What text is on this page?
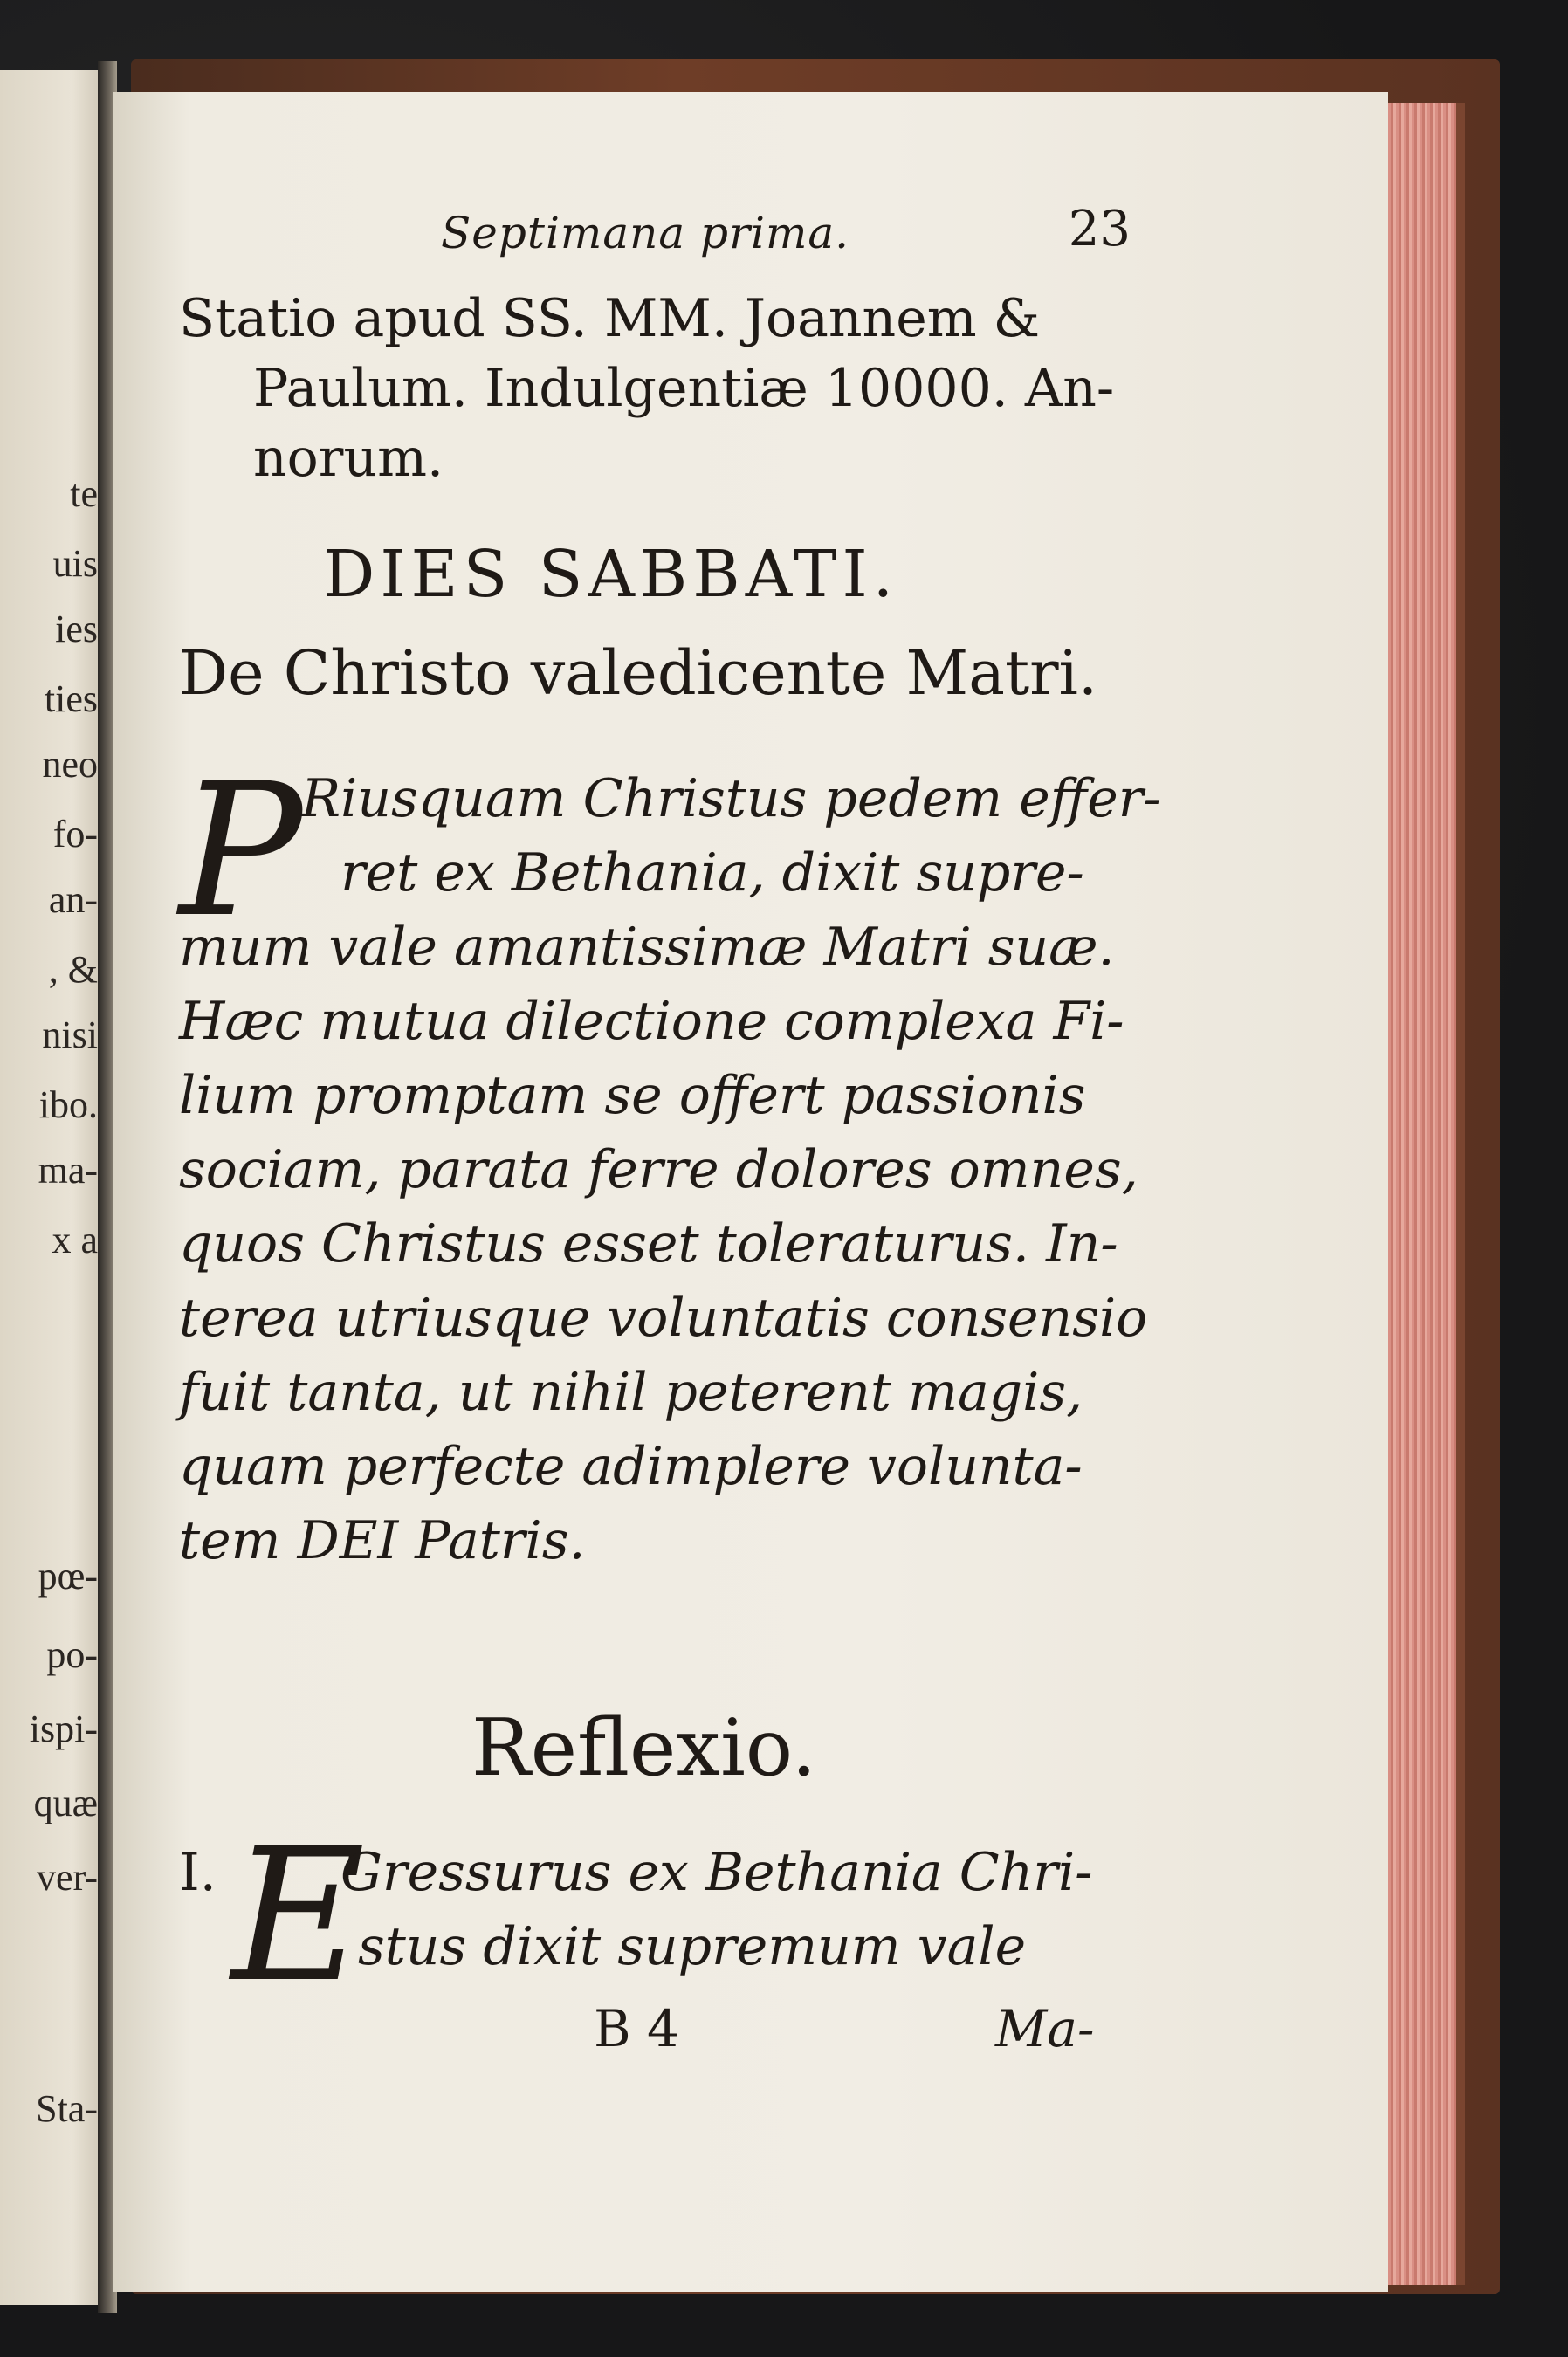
te
uis
ies
ties
neo
fo-
an-
, &
nisi
ibo.
ma-
x a
pœ-
po-
ispi-
quæ
ver-
Sta-
Septimana prima.	23
Statio apud SS. MM. Joannem &
Paulum. Indulgentiæ 10000. An-
norum.
DIES SABBATI.
De Christo valedicente Matri.
P
Riusquam Christus pedem effer-
ret ex Bethania, dixit supre-
mum vale amantissimæ Matri suæ.
Hæc mutua dilectione complexa Fi-
lium promptam se offert passionis
sociam, parata ferre dolores omnes,
quos Christus esset toleraturus. In-
terea utriusque voluntatis consensio
fuit tanta, ut nihil peterent magis,
quam perfecte adimplere volunta-
tem DEI Patris.
Reflexio.
I. E
Gressurus ex Bethania Chri-
stus dixit supremum vale
B 4	Ma-
